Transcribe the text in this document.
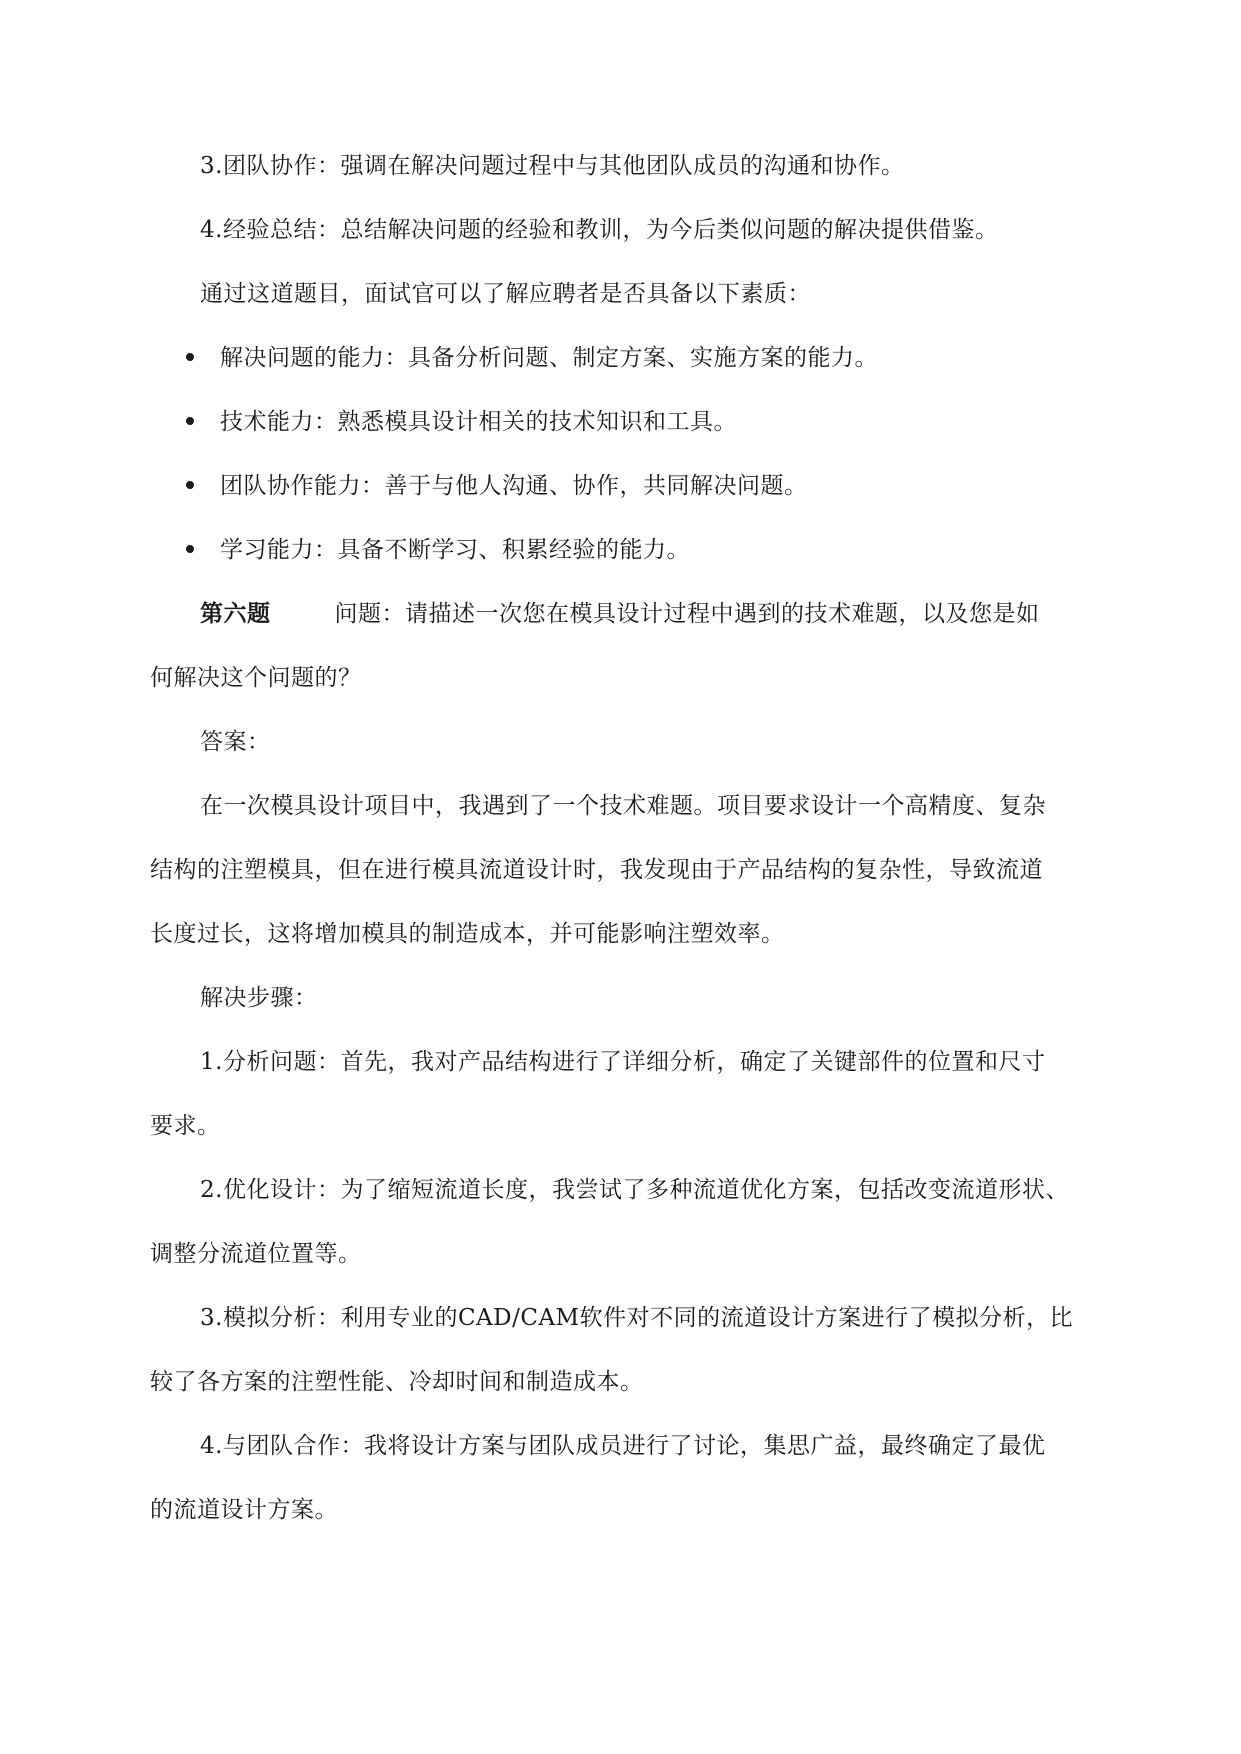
3.团队协作：强调在解决问题过程中与其他团队成员的沟通和协作。
4.经验总结：总结解决问题的经验和教训，为今后类似问题的解决提供借鉴。
通过这道题目，面试官可以了解应聘者是否具备以下素质：
解决问题的能力：具备分析问题、制定方案、实施方案的能力。
技术能力：熟悉模具设计相关的技术知识和工具。
团队协作能力：善于与他人沟通、协作，共同解决问题。
学习能力：具备不断学习、积累经验的能力。
第六题	问题：请描述一次您在模具设计过程中遇到的技术难题，以及您是如
何解决这个问题的？
答案：
在一次模具设计项目中，我遇到了一个技术难题。项目要求设计一个高精度、复杂
结构的注塑模具，但在进行模具流道设计时，我发现由于产品结构的复杂性，导致流道
长度过长，这将增加模具的制造成本，并可能影响注塑效率。
解决步骤：
1.分析问题：首先，我对产品结构进行了详细分析，确定了关键部件的位置和尺寸
要求。
2.优化设计：为了缩短流道长度，我尝试了多种流道优化方案，包括改变流道形状、
调整分流道位置等。
3.模拟分析：利用专业的CAD/CAM软件对不同的流道设计方案进行了模拟分析，比
较了各方案的注塑性能、冷却时间和制造成本。
4.与团队合作：我将设计方案与团队成员进行了讨论，集思广益，最终确定了最优
的流道设计方案。
